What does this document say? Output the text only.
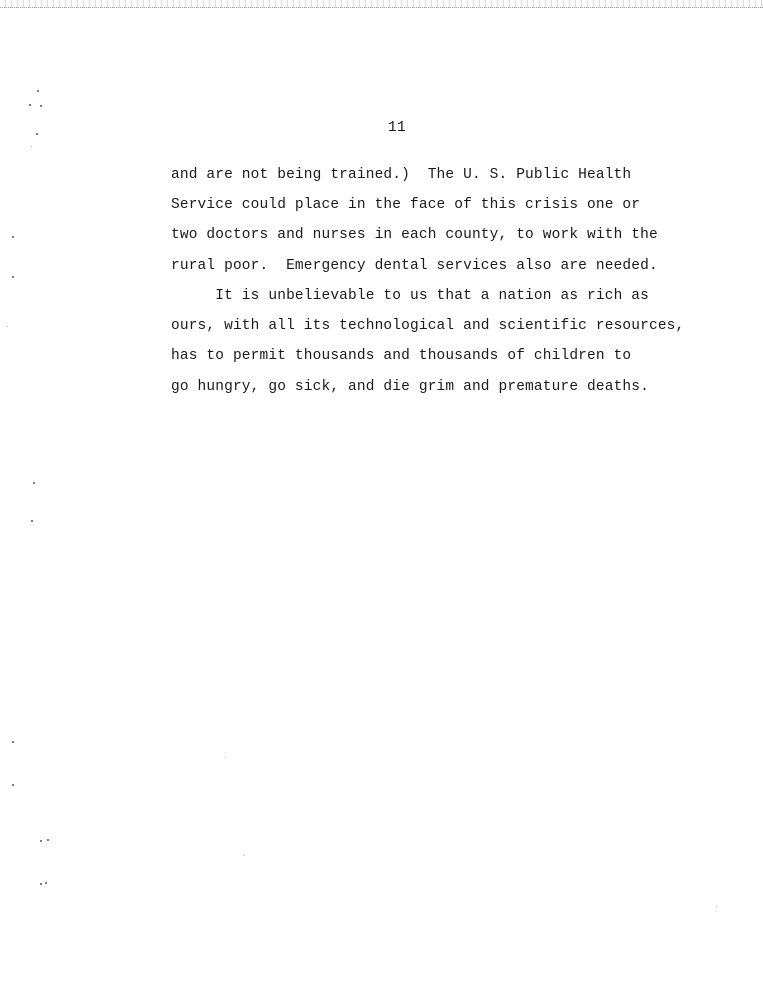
11
and are not being trained.)  The U. S. Public Health
Service could place in the face of this crisis one or
two doctors and nurses in each county, to work with the
rural poor.  Emergency dental services also are needed.
It is unbelievable to us that a nation as rich as
ours, with all its technological and scientific resources,
has to permit thousands and thousands of children to
go hungry, go sick, and die grim and premature deaths.
